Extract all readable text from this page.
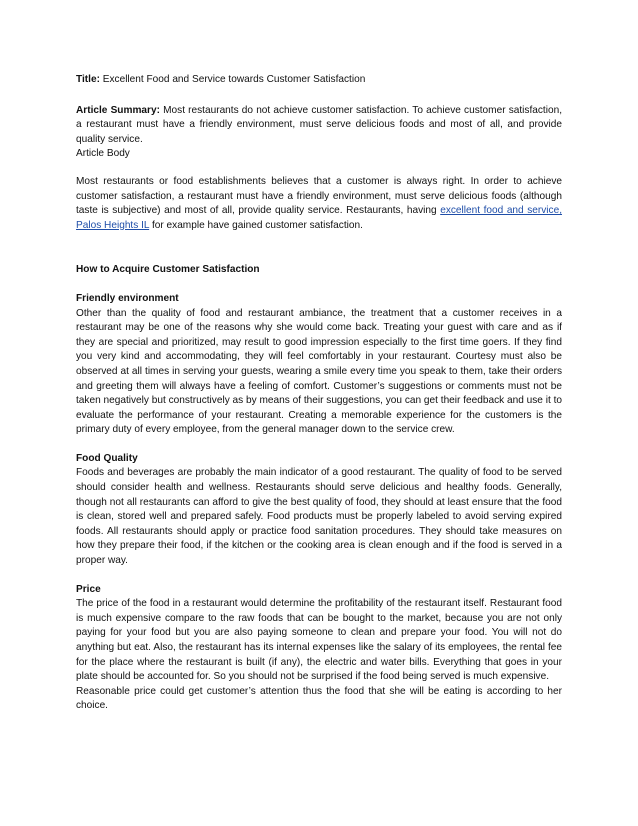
Title: Excellent Food and Service towards Customer Satisfaction

Article Summary: Most restaurants do not achieve customer satisfaction. To achieve customer satisfaction, a restaurant must have a friendly environment, must serve delicious foods and most of all, and provide quality service.

Article Body

Most restaurants or food establishments believes that a customer is always right. In order to achieve customer satisfaction, a restaurant must have a friendly environment, must serve delicious foods (although taste is subjective) and most of all, provide quality service. Restaurants, having excellent food and service, Palos Heights IL for example have gained customer satisfaction.

How to Acquire Customer Satisfaction

Friendly environment

Other than the quality of food and restaurant ambiance, the treatment that a customer receives in a restaurant may be one of the reasons why she would come back. Treating your guest with care and as if they are special and prioritized, may result to good impression especially to the first time goers. If they find you very kind and accommodating, they will feel comfortably in your restaurant. Courtesy must also be observed at all times in serving your guests, wearing a smile every time you speak to them, take their orders and greeting them will always have a feeling of comfort. Customer’s suggestions or comments must not be taken negatively but constructively as by means of their suggestions, you can get their feedback and use it to evaluate the performance of your restaurant. Creating a memorable experience for the customers is the primary duty of every employee, from the general manager down to the service crew.

Food Quality

Foods and beverages are probably the main indicator of a good restaurant. The quality of food to be served should consider health and wellness. Restaurants should serve delicious and healthy foods. Generally, though not all restaurants can afford to give the best quality of food, they should at least ensure that the food is clean, stored well and prepared safely. Food products must be properly labeled to avoid serving expired foods. All restaurants should apply or practice food sanitation procedures. They should take measures on how they prepare their food, if the kitchen or the cooking area is clean enough and if the food is served in a proper way.

Price

The price of the food in a restaurant would determine the profitability of the restaurant itself. Restaurant food is much expensive compare to the raw foods that can be bought to the market, because you are not only paying for your food but you are also paying someone to clean and prepare your food. You will not do anything but eat. Also, the restaurant has its internal expenses like the salary of its employees, the rental fee for the place where the restaurant is built (if any), the electric and water bills. Everything that goes in your plate should be accounted for. So you should not be surprised if the food being served is much expensive.

Reasonable price could get customer’s attention thus the food that she will be eating is according to her choice.
